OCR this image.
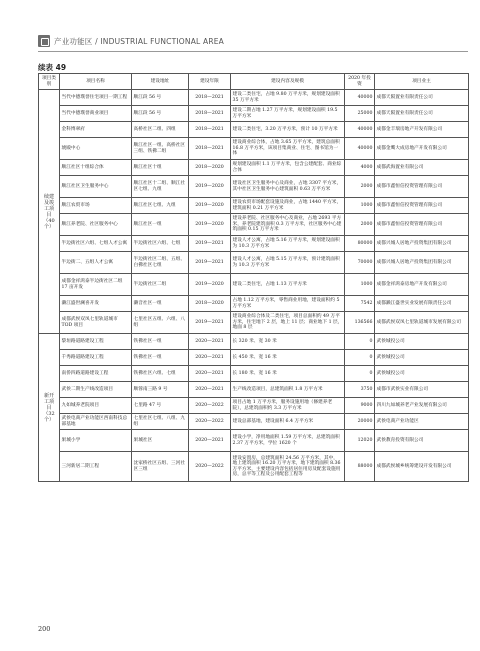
产业功能区 / INDUSTRIAL FUNCTIONAL AREA
续表 49
项目类别	项目名称	建设地址	建设年限	建设内容及规模	2020 年投资	项目业主
续建及竣工项目（40 个）	当代中德璞誉住宅项目一期工程	顺江段 56 号	2018—2021	建设二类住宅，占地 9.80 万平方米，规划建设面积 35 万平方米	40000	成都天阪置业有限责任公司
	当代中德璞誉商业项目	顺江段 56 号	2018—2021	建设二期占地 1.27 万平方米，规划建设面积 19.5 万平方米	25000	成都天阪置业有限责任公司
	金科博翠府	高桥社区二组、四组	2018—2021	建设二类住宅，3.20 万平方米，预计 10 万平方米	40000	成都金丰瑞房地产开发有限公司
	琥殿中心	顺江社区一组、高桥社区三组、铁佛二组	2018—2021	建设商业综合体，占地 3.65 万平方米，建筑总面积 16.8 万平方米，该项目集商业、住宅、图书馆为一体	40000	成都金鹰大成房地产开发有限公司
	顺江社区十组综合体	顺江社区十组	2018—2020	规划建设面积 1.1 万平方米，包含公建配套、商业综合体	4000	成都武海置业有限公司
	顺江社区卫生服务中心	顺江社区十二组、顺江社区七组、九组	2019—2020	建设社区卫生服务中心及商业，占地 3307 平方米，其中社区卫生服务中心建筑面积 0.63 万平方米	2000	成都市鑫恒信投资管理有限公司
	顺江农贸市场	顺江社区七组、九组	2019—2020	建设农贸市场配套设施及商业，占地 1440 平方米，建筑面积 0.21 万平方米	1000	成都市鑫恒信投资管理有限公司
	顺江养老院、社区服务中心	顺江社区一组	2019—2020	建设养老院、社区服务中心及商业，占地 2693 平方米，养老院建筑面积 0.3 万平方米，社区服务中心建筑面积 0.15 万平方米	2000	成都市鑫恒信投资管理有限公司
	半边街社区六组、七组人才公寓	半边街社区六组、七组	2019—2021	建设人才公寓，占地 5.16 万平方米，规划建设面积为 10.3 万平方米	80000	成都兴城人居地产投资集团有限公司
	半边街二、五组人才公寓	半边街社区二组、五组、白佛社区七组	2019—2021	建设人才公寓，占地 5.15 万平方米，预计建筑面积为 10.3 万平方米	70000	成都兴城人居地产投资集团有限公司
	成都金祥鸿泰半边街社区二组 17 亩开发	半边街社区二组	2019—2020	建设二类住宅，占地 1.13 万平方米	1000	成都金祥鸿泰房地产开发有限公司
	濑江盛世澜喜开发	濑音社区一组	2018—2020	占地 1.12 万平方米，零售商业用地，建设面积约 5 万平方米	7542	成都濑江盛世实业发展有限责任公司
	成都武侯双凤七里轨道城市 TOD 项目	七里社区五组、六组、八组	2019—2021	建设商业综合体及二类住宅，项目总面积约 49 万平方米，住宅地下 2 层，地上 11 层；商业地下 1 层，地面 8 层	136566	成都武侯双凤七里轨道城市发展有限公司
新开工项目（32 个）	黎垣路道路建设工程	铁佛社区一组	2020—2021	长 320 米、宽 30 米	0	武侯城投公司
	千秀路道路建设工程	铁佛社区一组	2020—2021	长 450 米、宽 16 米	0	武侯城投公司
	南侨四路道路建设工程	铁佛社区六组、七组	2020—2021	长 180 米、宽 16 米	0	武侯城投公司
	武侯二期生产线改造项目	顺蓉南三路 9 号	2020—2021	生产线改造项目，总建筑面积 1.8 万平方米	3750	成都市武侯实业有限公司
	九如城养老院项目	七里路 47 号	2020—2022	项目占地 1 万平方米，服务设施用地（修建养老院），总建筑面积约 3.3 万平方米	9000	四川九如城养老产业发展有限公司
	武侯电商产业功能区西南科技总部基地	七里社区七组、八组、九组	2020—2022	建设总部基地，建设面积 6.4 万平方米	20000	武侯电商产业功能区
	果城小学	果城社区	2020—2021	建设小学，净用地面积 1.59 万平方米，总建筑面积 2.37 万平方米，学位 1620 个	12020	武侯教育投资有限公司
	三河新居二期工程	沈家桥社区五组、三河社区三组	2020—2022	建设安置房，总建筑面积 24.56 万平方米，其中，地上建筑面积 16.20 万平方米，地下建筑面积 8.36 万平方米，主要建设内容包括居住用房及配套设施用房，总平等工程及公用配套工程等	88000	成都武侯城乡统筹建设开发有限公司
200
